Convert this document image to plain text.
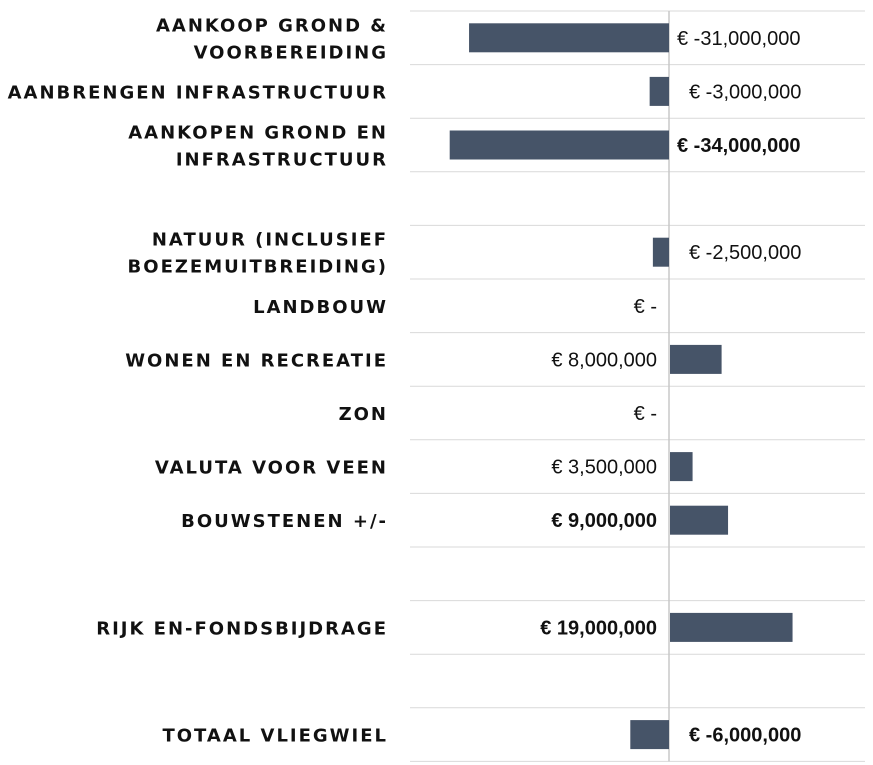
AANKOOP GROND &
VOORBEREIDING
AANBRENGEN INFRASTRUCTUUR
AANKOPEN GROND EN
INFRASTRUCTUUR
NATUUR (INCLUSIEF
BOEZEMUITBREIDING)
LANDBOUW
WONEN EN RECREATIE
ZON
VALUTA VOOR VEEN
BOUWSTENEN +/-
RIJK EN-FONDSBIJDRAGE
TOTAAL VLIEGWIEL
€ -31,000,000
€ -3,000,000
€ -34,000,000
€ -2,500,000
€ -
€ 8,000,000
€ -
€ 3,500,000
€ 9,000,000
€ 19,000,000
€ -6,000,000
